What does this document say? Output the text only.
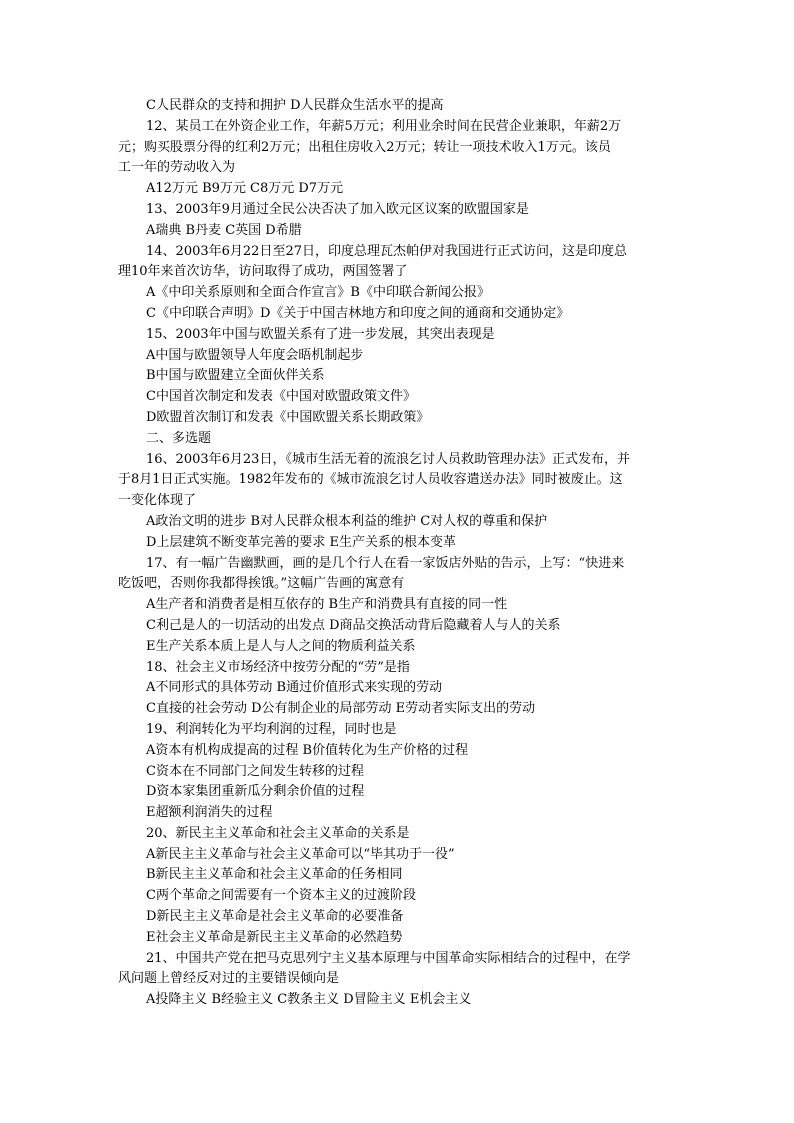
C人民群众的支持和拥护 D人民群众生活水平的提高
12、某员工在外资企业工作，年薪5万元；利用业余时间在民营企业兼职，年薪2万
元；购买股票分得的红利2万元；出租住房收入2万元；转让一项技术收入1万元。该员
工一年的劳动收入为
A12万元 B9万元 C8万元 D7万元
13、2003年9月通过全民公决否决了加入欧元区议案的欧盟国家是
A瑞典 B丹麦 C英国 D希腊
14、2003年6月22日至27日，印度总理瓦杰帕伊对我国进行正式访问，这是印度总
理10年来首次访华，访问取得了成功，两国签署了
A《中印关系原则和全面合作宣言》B《中印联合新闻公报》
C《中印联合声明》D《关于中国吉林地方和印度之间的通商和交通协定》
15、2003年中国与欧盟关系有了进一步发展，其突出表现是
A中国与欧盟领导人年度会晤机制起步
B中国与欧盟建立全面伙伴关系
C中国首次制定和发表《中国对欧盟政策文件》
D欧盟首次制订和发表《中国欧盟关系长期政策》
二、多选题
16、2003年6月23日，《城市生活无着的流浪乞讨人员救助管理办法》正式发布，并
于8月1日正式实施。1982年发布的《城市流浪乞讨人员收容遣送办法》同时被废止。这
一变化体现了
A政治文明的进步 B对人民群众根本利益的维护 C对人权的尊重和保护
D上层建筑不断变革完善的要求 E生产关系的根本变革
17、有一幅广告幽默画，画的是几个行人在看一家饭店外贴的告示，上写：“快进来
吃饭吧，否则你我都得挨饿。”这幅广告画的寓意有
A生产者和消费者是相互依存的 B生产和消费具有直接的同一性
C利己是人的一切活动的出发点 D商品交换活动背后隐藏着人与人的关系
E生产关系本质上是人与人之间的物质利益关系
18、社会主义市场经济中按劳分配的“劳”是指
A不同形式的具体劳动 B通过价值形式来实现的劳动
C直接的社会劳动 D公有制企业的局部劳动 E劳动者实际支出的劳动
19、利润转化为平均利润的过程，同时也是
A资本有机构成提高的过程 B价值转化为生产价格的过程
C资本在不同部门之间发生转移的过程
D资本家集团重新瓜分剩余价值的过程
E超额利润消失的过程
20、新民主主义革命和社会主义革命的关系是
A新民主主义革命与社会主义革命可以“毕其功于一役”
B新民主主义革命和社会主义革命的任务相同
C两个革命之间需要有一个资本主义的过渡阶段
D新民主主义革命是社会主义革命的必要准备
E社会主义革命是新民主主义革命的必然趋势
21、中国共产党在把马克思列宁主义基本原理与中国革命实际相结合的过程中，在学
风问题上曾经反对过的主要错误倾向是
A投降主义 B经验主义 C教条主义 D冒险主义 E机会主义
